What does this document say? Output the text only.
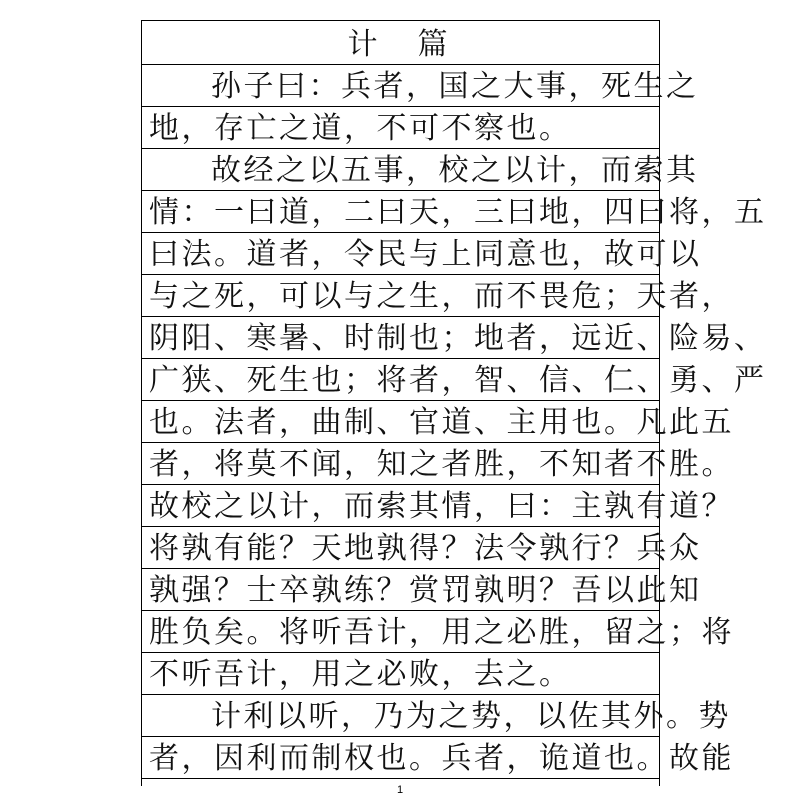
计篇
孙子曰：兵者，国之大事，死生之
地，存亡之道，不可不察也。
故经之以五事，校之以计，而索其
情：一曰道，二曰天，三曰地，四曰将，五
曰法。道者，令民与上同意也，故可以
与之死，可以与之生，而不畏危；天者，
阴阳、寒暑、时制也；地者，远近、险易、
广狭、死生也；将者，智、信、仁、勇、严
也。法者，曲制、官道、主用也。凡此五
者，将莫不闻，知之者胜，不知者不胜。
故校之以计，而索其情，曰：主孰有道？
将孰有能？天地孰得？法令孰行？兵众
孰强？士卒孰练？赏罚孰明？吾以此知
胜负矣。将听吾计，用之必胜，留之；将
不听吾计，用之必败，去之。
计利以听，乃为之势，以佐其外。势
者，因利而制权也。兵者，诡道也。故能
1
